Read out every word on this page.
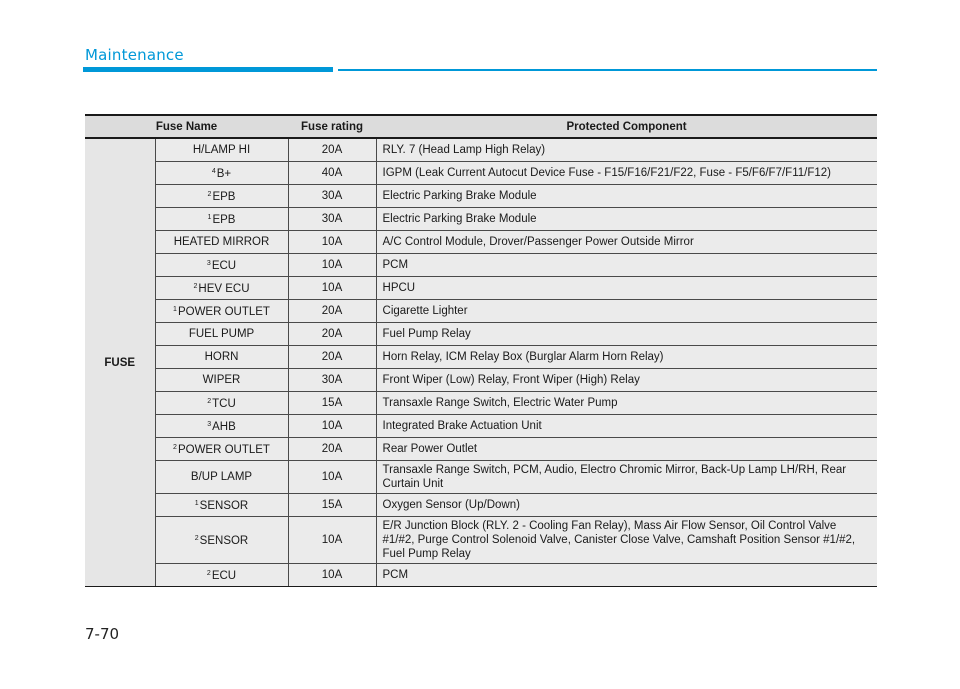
Maintenance
Fuse Name		Fuse rating	Protected Component
FUSE	H/LAMP HI	20A	RLY. 7 (Head Lamp High Relay)
	$^4$B+	40A	IGPM (Leak Current Autocut Device Fuse - F15/F16/F21/F22, Fuse - F5/F6/F7/F11/F12)
	$^2$EPB	30A	Electric Parking Brake Module
	$^1$EPB	30A	Electric Parking Brake Module
	HEATED MIRROR	10A	A/C Control Module, Drover/Passenger Power Outside Mirror
	$^3$ECU	10A	PCM
	$^2$HEV ECU	10A	HPCU
	$^1$POWER OUTLET	20A	Cigarette Lighter
	FUEL PUMP	20A	Fuel Pump Relay
	HORN	20A	Horn Relay, ICM Relay Box (Burglar Alarm Horn Relay)
	WIPER	30A	Front Wiper (Low) Relay, Front Wiper (High) Relay
	$^2$TCU	15A	Transaxle Range Switch, Electric Water Pump
	$^3$AHB	10A	Integrated Brake Actuation Unit
	$^2$POWER OUTLET	20A	Rear Power Outlet
	B/UP LAMP	10A	Transaxle Range Switch, PCM, Audio, Electro Chromic Mirror, Back-Up Lamp LH/RH, Rear Curtain Unit
	$^1$SENSOR	15A	Oxygen Sensor (Up/Down)
	$^2$SENSOR	10A	E/R Junction Block (RLY. 2 - Cooling Fan Relay), Mass Air Flow Sensor, Oil Control Valve #1/#2, Purge Control Solenoid Valve, Canister Close Valve, Camshaft Position Sensor #1/#2, Fuel Pump Relay
	$^2$ECU	10A	PCM
7-70
